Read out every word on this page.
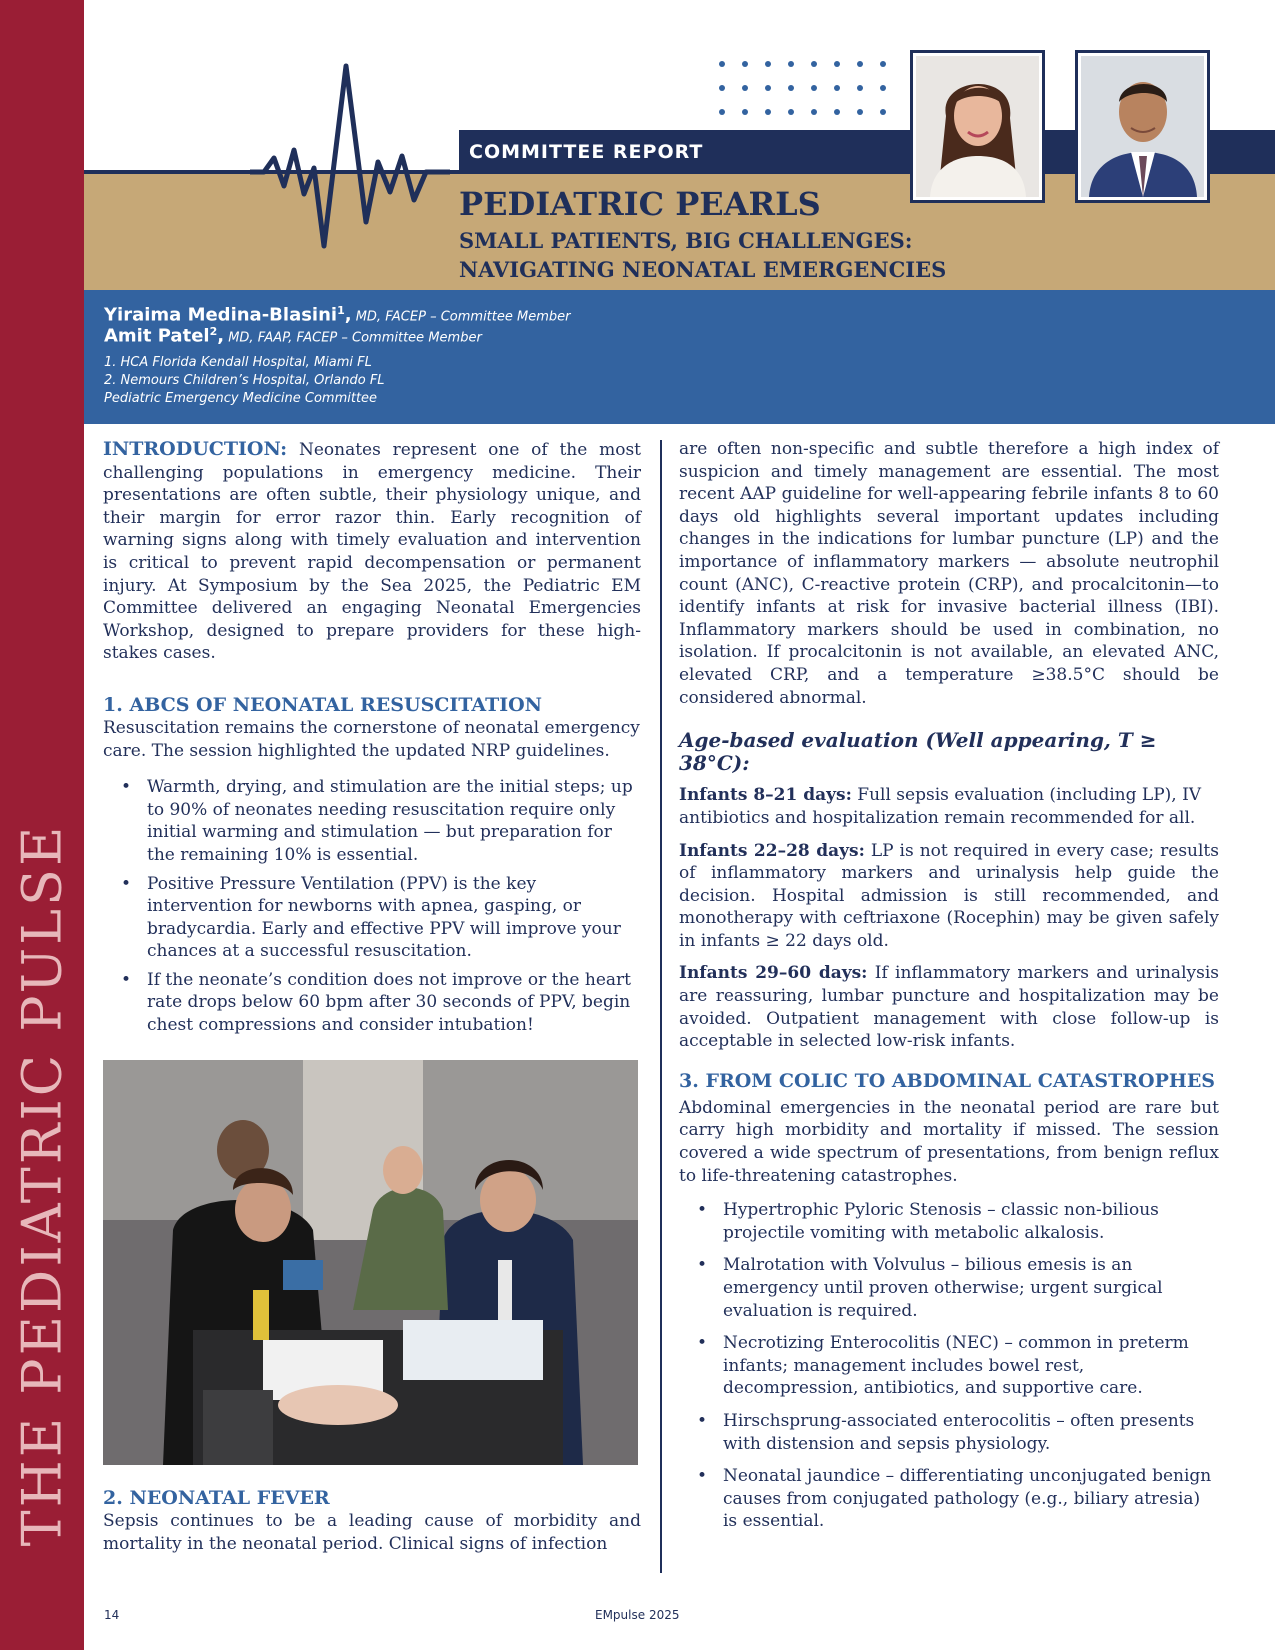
THE PEDIATRIC PULSE
COMMITTEE REPORT
PEDIATRIC PEARLS
SMALL PATIENTS, BIG CHALLENGES:
NAVIGATING NEONATAL EMERGENCIES
Yiraima Medina-Blasini$^1$, MD, FACEP – Committee Member
Amit Patel$^2$, MD, FAAP, FACEP – Committee Member
1. HCA Florida Kendall Hospital, Miami FL
2. Nemours Children’s Hospital, Orlando FL
Pediatric Emergency Medicine Committee

INTRODUCTION: Neonates represent one of the most challenging populations in emergency medicine. Their presentations are often subtle, their physiology unique, and their margin for error razor thin. Early recognition of warning signs along with timely evaluation and intervention is critical to prevent rapid decompensation or permanent injury. At Symposium by the Sea 2025, the Pediatric EM Committee delivered an engaging Neonatal Emergencies Workshop, designed to prepare providers for these high-stakes cases.

1. ABCS OF NEONATAL RESUSCITATION

Resuscitation remains the cornerstone of neonatal emergency care. The session highlighted the updated NRP guidelines.

• Warmth, drying, and stimulation are the initial steps; up to 90% of neonates needing resuscitation require only initial warming and stimulation — but preparation for the remaining 10% is essential.
• Positive Pressure Ventilation (PPV) is the key intervention for newborns with apnea, gasping, or bradycardia. Early and effective PPV will improve your chances at a successful resuscitation.
• If the neonate’s condition does not improve or the heart rate drops below 60 bpm after 30 seconds of PPV, begin chest compressions and consider intubation!

2. NEONATAL FEVER

Sepsis continues to be a leading cause of morbidity and mortality in the neonatal period. Clinical signs of infection

are often non-specific and subtle therefore a high index of suspicion and timely management are essential. The most recent AAP guideline for well-appearing febrile infants 8 to 60 days old highlights several important updates including changes in the indications for lumbar puncture (LP) and the importance of inflammatory markers — absolute neutrophil count (ANC), C-reactive protein (CRP), and procalcitonin—to identify infants at risk for invasive bacterial illness (IBI). Inflammatory markers should be used in combination, no isolation. If procalcitonin is not available, an elevated ANC, elevated CRP, and a temperature ≥38.5°C should be considered abnormal.

Age-based evaluation (Well appearing, T ≥ 38°C):

Infants 8–21 days: Full sepsis evaluation (including LP), IV antibiotics and hospitalization remain recommended for all.

Infants 22–28 days: LP is not required in every case; results of inflammatory markers and urinalysis help guide the decision. Hospital admission is still recommended, and monotherapy with ceftriaxone (Rocephin) may be given safely in infants ≥ 22 days old.

Infants 29–60 days: If inflammatory markers and urinalysis are reassuring, lumbar puncture and hospitalization may be avoided. Outpatient management with close follow-up is acceptable in selected low-risk infants.

3. FROM COLIC TO ABDOMINAL CATASTROPHES

Abdominal emergencies in the neonatal period are rare but carry high morbidity and mortality if missed. The session covered a wide spectrum of presentations, from benign reflux to life-threatening catastrophes.

• Hypertrophic Pyloric Stenosis – classic non-bilious projectile vomiting with metabolic alkalosis.
• Malrotation with Volvulus – bilious emesis is an emergency until proven otherwise; urgent surgical evaluation is required.
• Necrotizing Enterocolitis (NEC) – common in preterm infants; management includes bowel rest, decompression, antibiotics, and supportive care.
• Hirschsprung-associated enterocolitis – often presents with distension and sepsis physiology.
• Neonatal jaundice – differentiating unconjugated benign causes from conjugated pathology (e.g., biliary atresia) is essential.
14	EMpulse 2025
